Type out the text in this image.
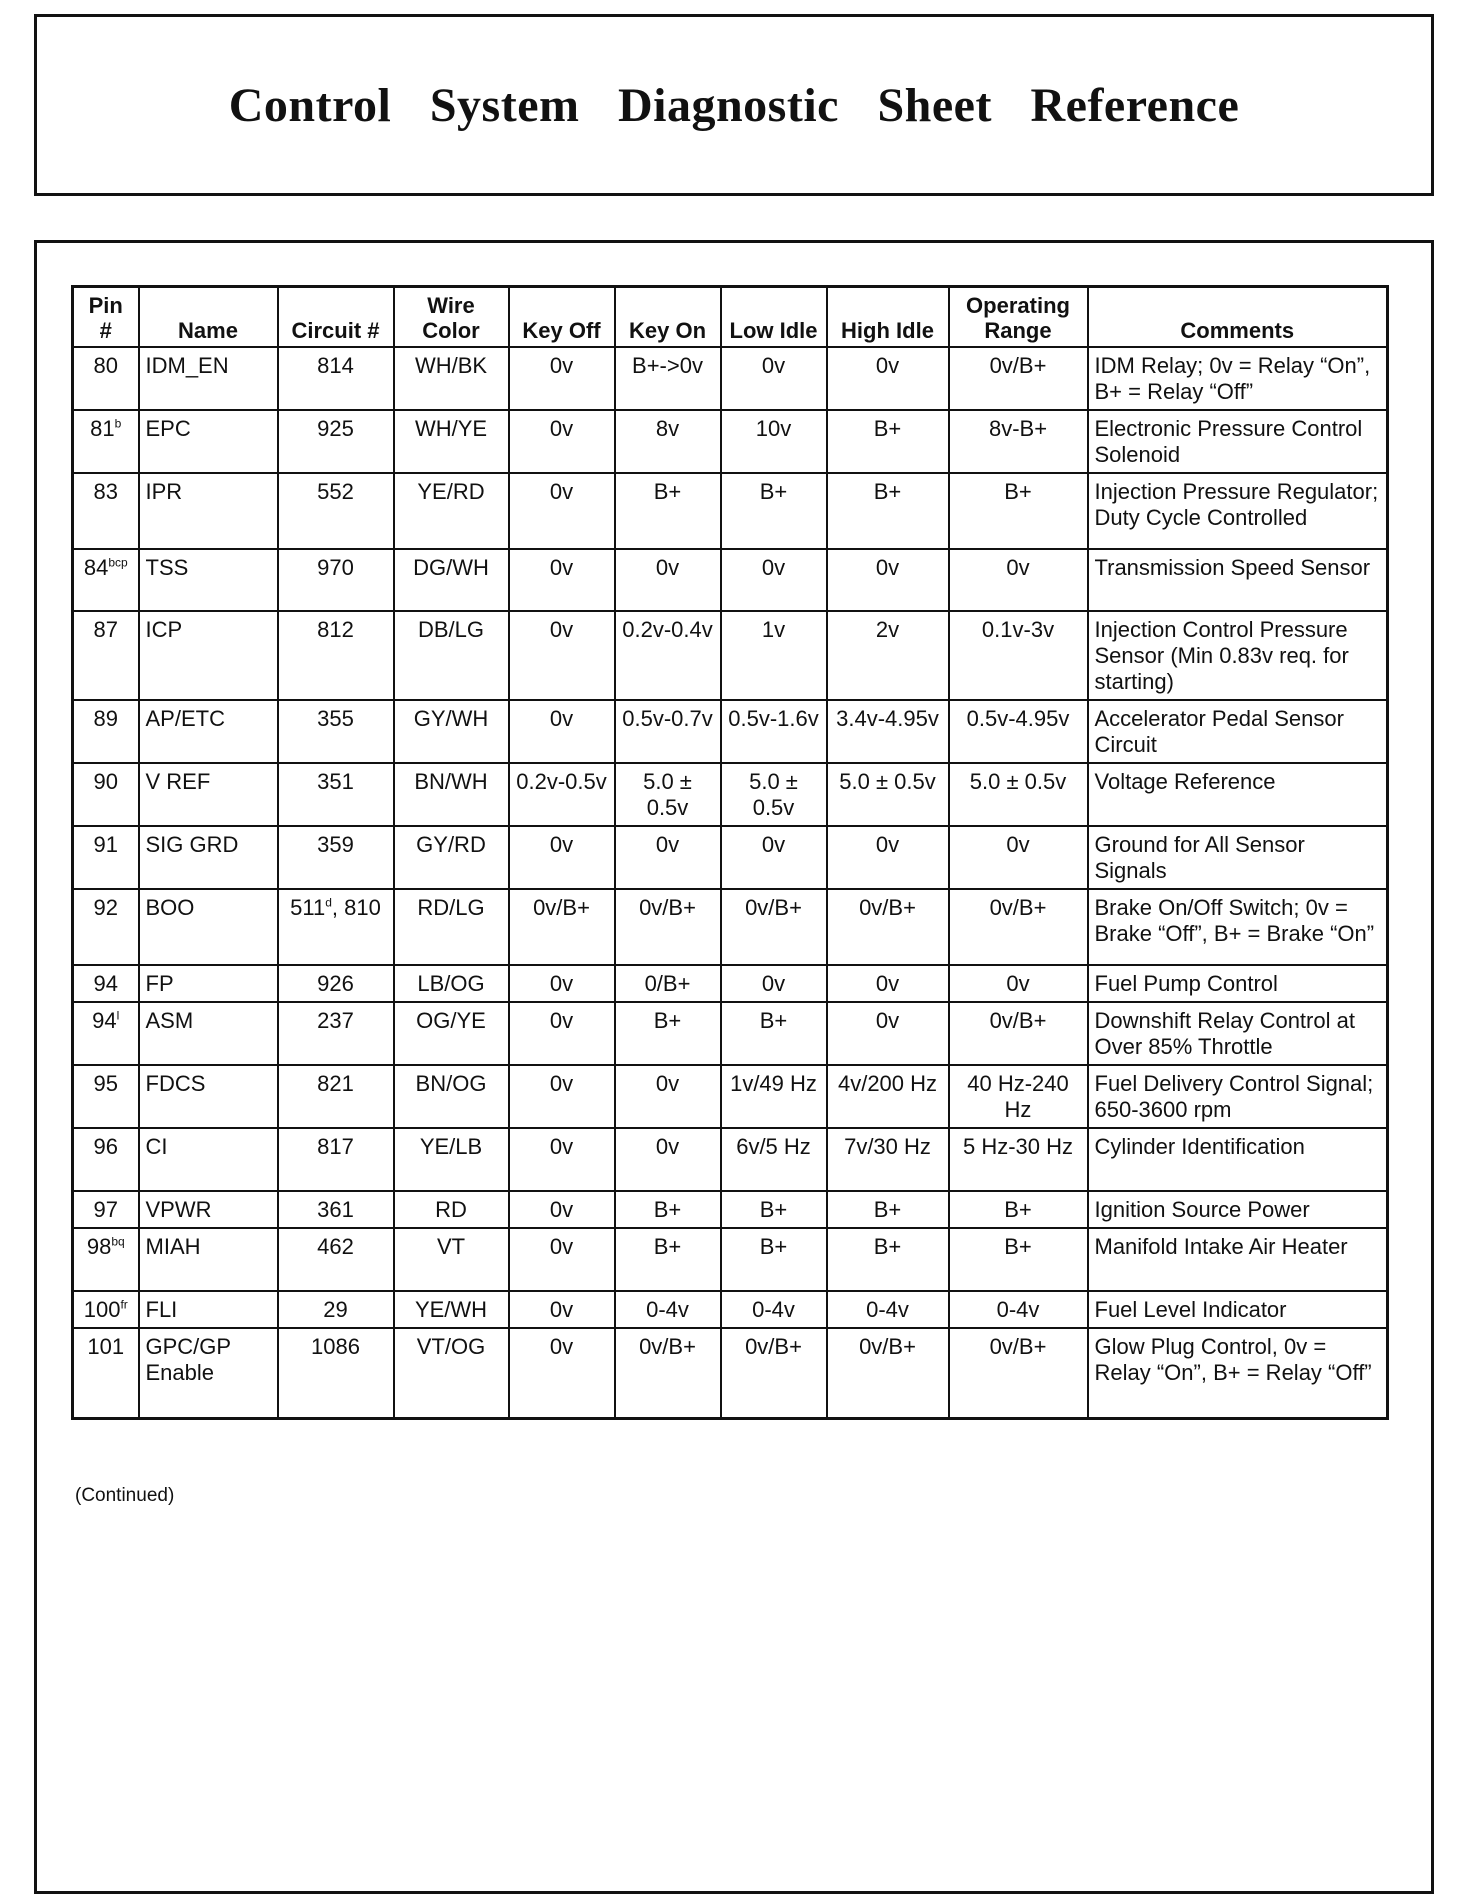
Control System Diagnostic Sheet Reference
Pin #	Name	Circuit #	Wire Color	Key Off	Key On	Low Idle	High Idle	Operating Range	Comments
80	IDM_EN	814	WH/BK	0v	B+->0v	0v	0v	0v/B+	IDM Relay; 0v = Relay “On”, B+ = Relay “Off”
81$^b$	EPC	925	WH/YE	0v	8v	10v	B+	8v-B+	Electronic Pressure Control Solenoid
83	IPR	552	YE/RD	0v	B+	B+	B+	B+	Injection Pressure Regulator; Duty Cycle Controlled
$84^{bcp}$	TSS	970	DG/WH	0v	0v	0v	0v	0v	Transmission Speed Sensor
87	ICP	812	DB/LG	0v	0.2v-0.4v	1v	2v	0.1v-3v	Injection Control Pressure Sensor (Min 0.83v req. for starting)
89	AP/ETC	355	GY/WH	0v	0.5v-0.7v	0.5v-1.6v	3.4v-4.95v	0.5v-4.95v	Accelerator Pedal Sensor Circuit
90	V REF	351	BN/WH	0.2v-0.5v	5.0 ± 0.5v	5.0 ± 0.5v	5.0 ± 0.5v	5.0 ± 0.5v	Voltage Reference
91	SIG GRD	359	GY/RD	0v	0v	0v	0v	0v	Ground for All Sensor Signals
92	BOO	511$^d$, 810	RD/LG	0v/B+	0v/B+	0v/B+	0v/B+	0v/B+	Brake On/Off Switch; 0v = Brake “Off”, B+ = Brake “On”
94	FP	926	LB/OG	0v	0/B+	0v	0v	0v	Fuel Pump Control
94$^l$	ASM	237	OG/YE	0v	B+	B+	0v	0v/B+	Downshift Relay Control at Over 85% Throttle
95	FDCS	821	BN/OG	0v	0v	1v/49 Hz	4v/200 Hz	40 Hz-240 Hz	Fuel Delivery Control Signal; 650-3600 rpm
96	CI	817	YE/LB	0v	0v	6v/5 Hz	7v/30 Hz	5 Hz-30 Hz	Cylinder Identification
97	VPWR	361	RD	0v	B+	B+	B+	B+	Ignition Source Power
$98^{bq}$	MIAH	462	VT	0v	B+	B+	B+	B+	Manifold Intake Air Heater
$100^{fr}$	FLI	29	YE/WH	0v	0-4v	0-4v	0-4v	0-4v	Fuel Level Indicator
101	GPC/GP Enable	1086	VT/OG	0v	0v/B+	0v/B+	0v/B+	0v/B+	Glow Plug Control, 0v = Relay “On”, B+ = Relay “Off”
(Continued)
